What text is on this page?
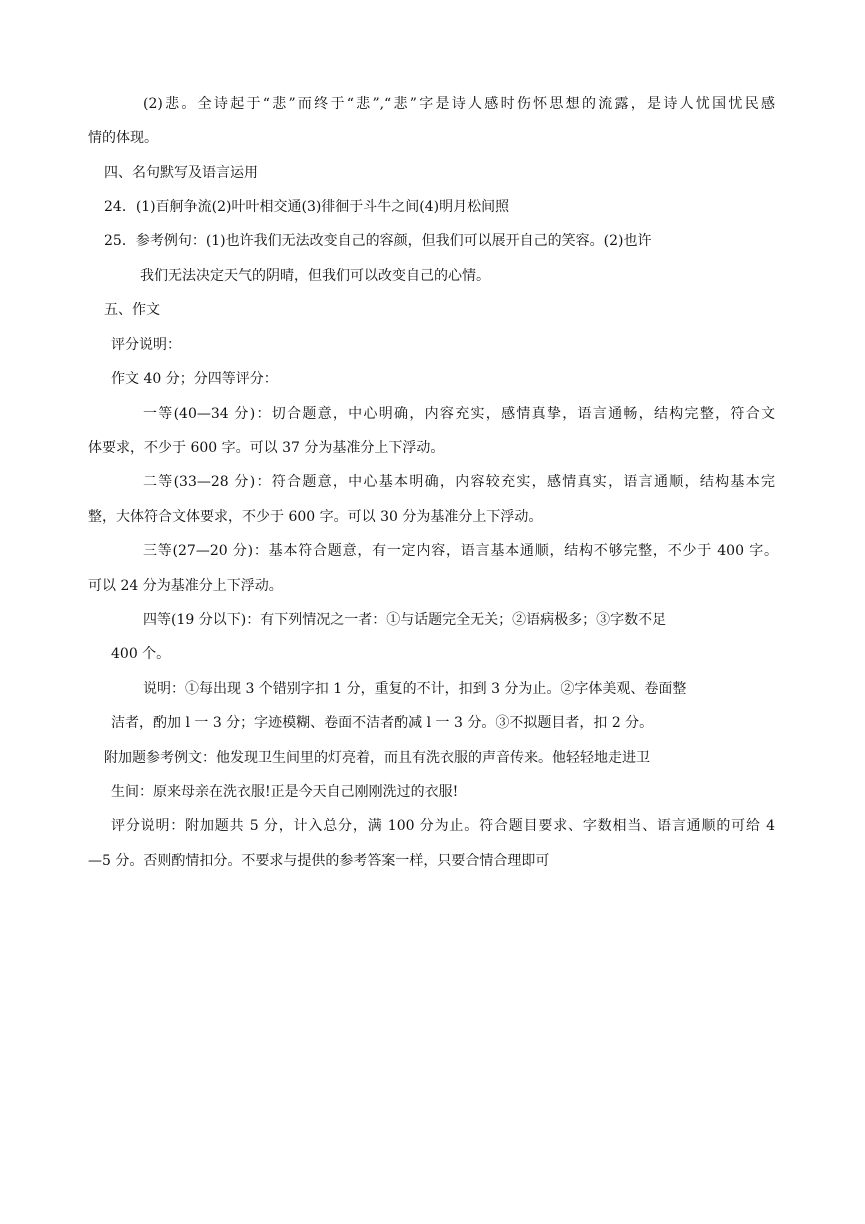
(2)悲。全诗起于“悲”而终于“悲”,“悲”字是诗人感时伤怀思想的流露，是诗人忧国忧民感
情的体现。
四、名句默写及语言运用
24．(1)百舸争流(2)叶叶相交通(3)徘徊于斗牛之间(4)明月松间照
25．参考例句：(1)也许我们无法改变自己的容颜，但我们可以展开自己的笑容。(2)也许
我们无法决定天气的阴晴，但我们可以改变自己的心情。
五、作文
评分说明：
作文 40 分；分四等评分：
一等(40—34 分)：切合题意，中心明确，内容充实，感情真挚，语言通畅，结构完整，符合文
体要求，不少于 600 字。可以 37 分为基准分上下浮动。
二等(33—28 分)：符合题意，中心基本明确，内容较充实，感情真实，语言通顺，结构基本完
整，大体符合文体要求，不少于 600 字。可以 30 分为基准分上下浮动。
三等(27—20 分)：基本符合题意，有一定内容，语言基本通顺，结构不够完整，不少于 400 字。
可以 24 分为基准分上下浮动。
四等(19 分以下)：有下列情况之一者：①与话题完全无关；②语病极多；③字数不足
400 个。
说明：①每出现 3 个错别字扣 1 分，重复的不计，扣到 3 分为止。②字体美观、卷面整
洁者，酌加 l 一 3 分；字迹模糊、卷面不洁者酌减 l 一 3 分。③不拟题目者，扣 2 分。
附加题参考例文：他发现卫生间里的灯亮着，而且有洗衣服的声音传来。他轻轻地走进卫
生间：原来母亲在洗衣服!正是今天自己刚刚洗过的衣服!
评分说明：附加题共 5 分，计入总分，满 100 分为止。符合题目要求、字数相当、语言通顺的可给 4
—5 分。否则酌情扣分。不要求与提供的参考答案一样，只要合情合理即可
